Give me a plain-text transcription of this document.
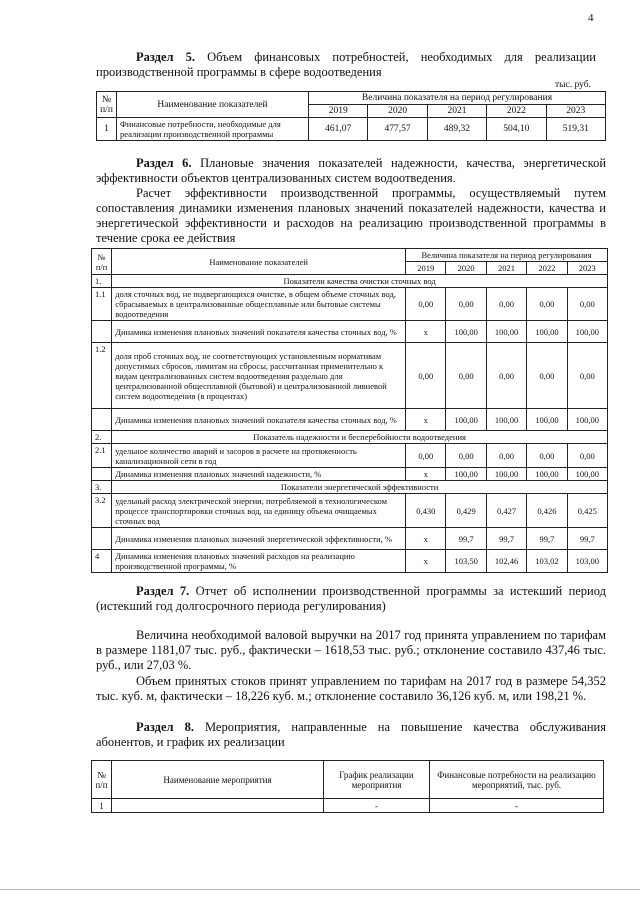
4
Раздел 5. Объем финансовых потребностей, необходимых для реализации производственной программы в сфере водоотведения
тыс. руб.
№ п/п	Наименование показателей	Величина показателя на период регулирования				
		2019	2020	2021	2022	2023
1	Финансовые потребности, необходимые для реализации производственной программы	461,07	477,57	489,32	504,10	519,31
Раздел 6. Плановые значения показателей надежности, качества, энергетической эффективности объектов централизованных систем водоотведения.
Расчет эффективности производственной программы, осуществляемый путем сопоставления динамики изменения плановых значений показателей надежности, качества и энергетической эффективности и расходов на реализацию производственной программы в течение срока ее действия
№ п/п	Наименование показателей	Величина показателя на период регулирования				
		2019	2020	2021	2022	2023
1.	Показатели качества очистки сточных вод					
1.1	доля сточных вод, не подвергающихся очистке, в общем объеме сточных вод, сбрасываемых в централизованные общесплавные или бытовые системы водоотведения	0,00	0,00	0,00	0,00	0,00
	Динамика изменения плановых значений показателя качества сточных вод, %	x	100,00	100,00	100,00	100,00
1.2	доля проб сточных вод, не соответствующих установленным нормативам допустимых сбросов, лимитам на сбросы, рассчитанная применительно к видам централизованных систем водоотведения раздельно для централизованной общесплавной (бытовой) и централизованной ливневой систем водоотведения (в процентах)	0,00	0,00	0,00	0,00	0,00
	Динамика изменения плановых значений показателя качества сточных вод, %	x	100,00	100,00	100,00	100,00
2.	Показатель надежности и бесперебойности водоотведения					
2.1	удельное количество аварий и засоров в расчете на протяженность канализационной сети в год	0,00	0,00	0,00	0,00	0,00
	Динамика изменения плановых значений надежности, %	x	100,00	100,00	100,00	100,00
3.	Показатели энергетической эффективности					
3.2	удельный расход электрической энергии, потребляемой в технологическом процессе транспортировки сточных вод, на единицу объема очищаемых сточных вод	0,430	0,429	0,427	0,426	0,425
	Динамика изменения плановых значений энергетической эффективности, %	x	99,7	99,7	99,7	99,7
4	Динамика изменения плановых значений расходов на реализацию производственной программы, %	x	103,50	102,46	103,02	103,00
Раздел 7. Отчет об исполнении производственной программы за истекший период (истекший год долгосрочного периода регулирования)
Величина необходимой валовой выручки на 2017 год принята управлением по тарифам в размере 1181,07 тыс. руб., фактически – 1618,53 тыс. руб.; отклонение составило 437,46 тыс. руб., или 27,03 %.
Объем принятых стоков принят управлением по тарифам на 2017 год в размере 54,352 тыс. куб. м, фактически – 18,226 куб. м.; отклонение составило 36,126 куб. м, или 198,21 %.
Раздел 8. Мероприятия, направленные на повышение качества обслуживания абонентов, и график их реализации
№ п/п	Наименование мероприятия	График реализации мероприятия	Финансовые потребности на реализацию мероприятий, тыс. руб.
1		-	-
